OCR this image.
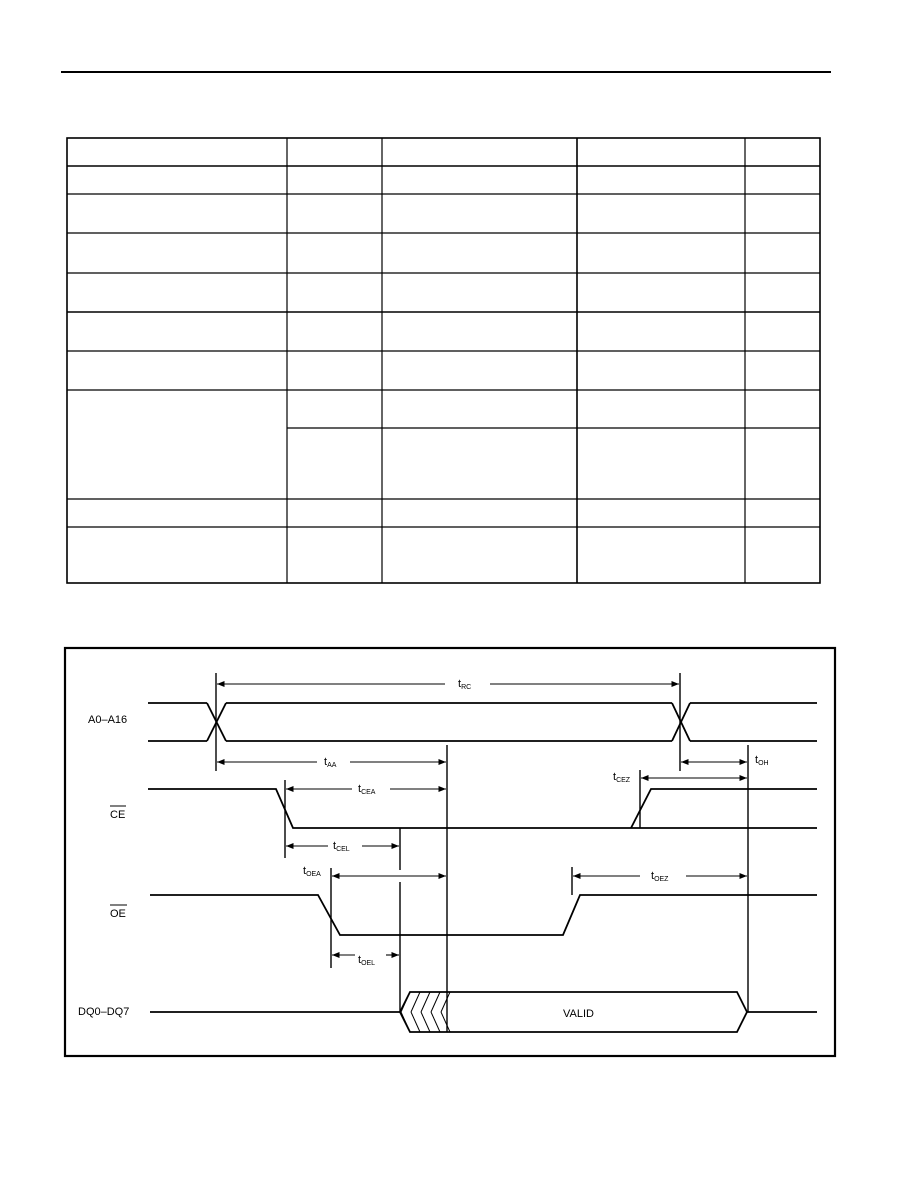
A0–A16
CE
OE
DQ0–DQ7	VALID
tRC
tAA	tOH
tCEZ
tCEA
tCEL
tOEA	tOEZ
tOEL
